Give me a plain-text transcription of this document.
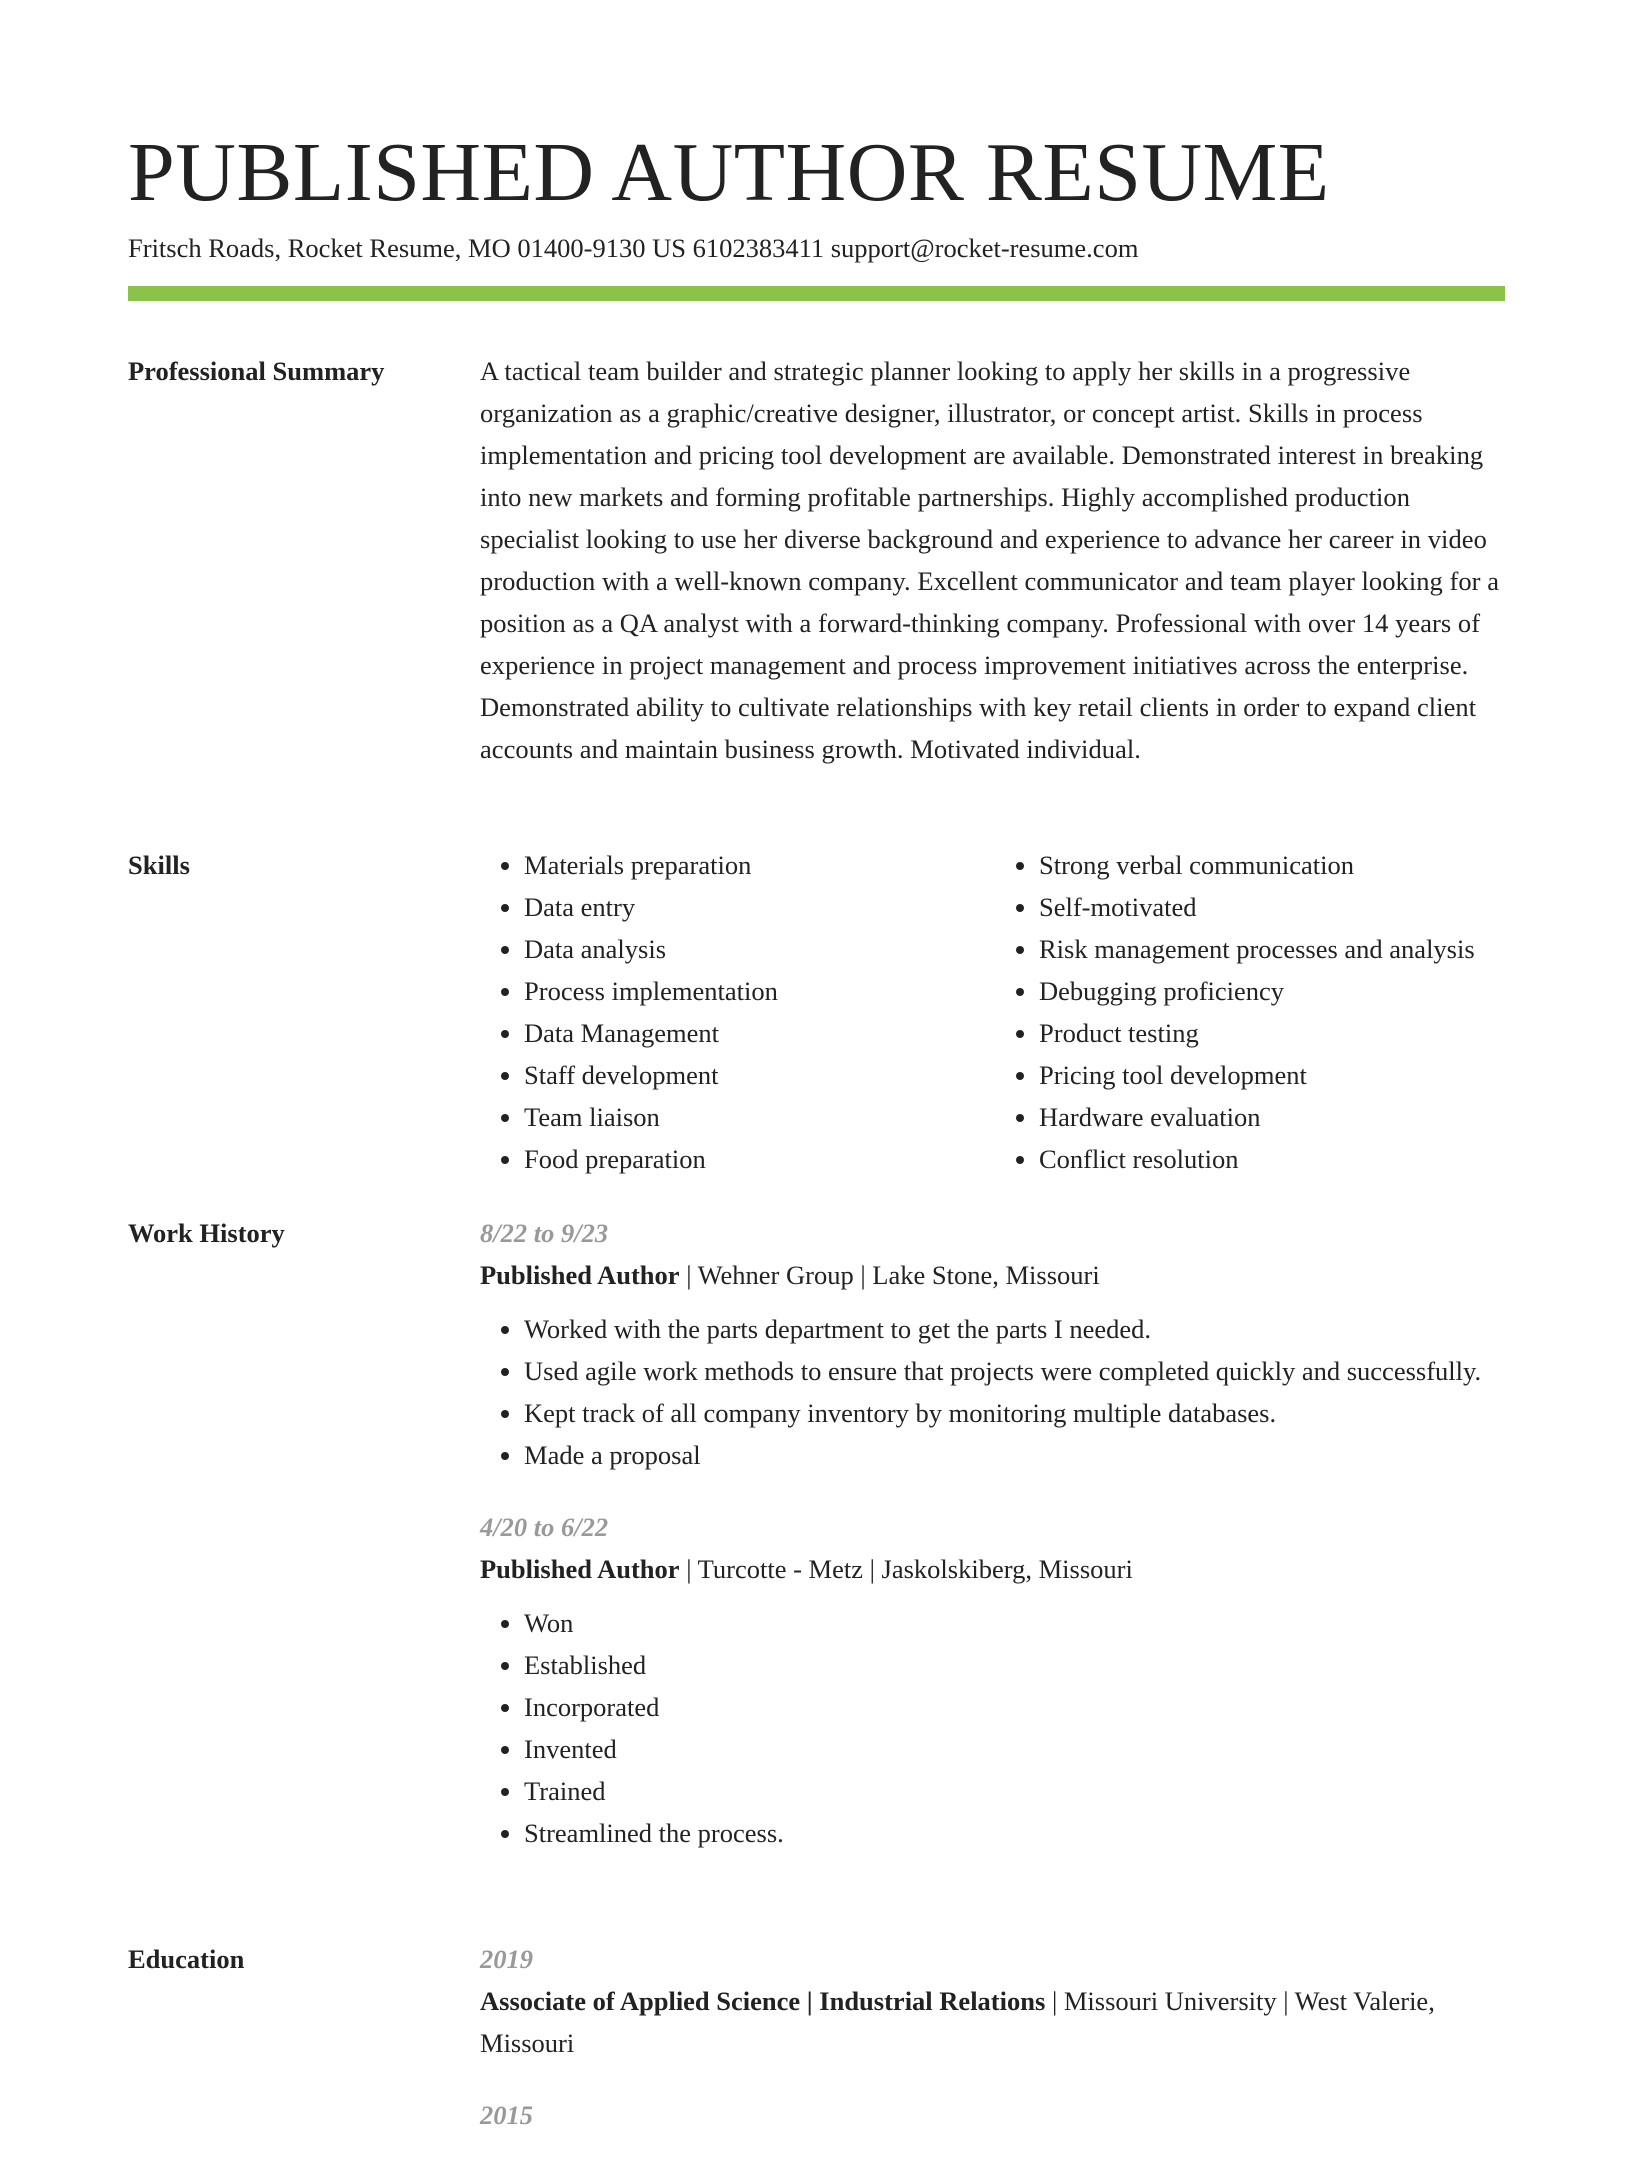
PUBLISHED AUTHOR RESUME
Fritsch Roads, Rocket Resume, MO 01400-9130 US 6102383411 support@rocket-resume.com
Professional Summary	A tactical team builder and strategic planner looking to apply her skills in a progressive organization as a graphic/creative designer, illustrator, or concept artist. Skills in process implementation and pricing tool development are available. Demonstrated interest in breaking into new markets and forming profitable partnerships. Highly accomplished production specialist looking to use her diverse background and experience to advance her career in video production with a well-known company. Excellent communicator and team player looking for a position as a QA analyst with a forward-thinking company. Professional with over 14 years of experience in project management and process improvement initiatives across the enterprise. Demonstrated ability to cultivate relationships with key retail clients in order to expand client accounts and maintain business growth. Motivated individual.

Skills
•	Materials preparation
• Data entry
• Data analysis
• Process implementation
• Data Management
• Staff development
• Team liaison
• Food preparation
• Strong verbal communication
• Self-motivated
• Risk management processes and analysis
• Debugging proficiency
• Product testing
• Pricing tool development
• Hardware evaluation
• Conflict resolution
Work History	8/22 to 9/23
Published Author | Wehner Group | Lake Stone, Missouri
• Worked with the parts department to get the parts I needed.
• Used agile work methods to ensure that projects were completed quickly and successfully.
• Kept track of all company inventory by monitoring multiple databases.
• Made a proposal
4/20 to 6/22
Published Author | Turcotte - Metz | Jaskolskiberg, Missouri
• Won
• Established
• Incorporated
• Invented
• Trained
• Streamlined the process.
Education	2019
Associate of Applied Science | Industrial Relations | Missouri University | West Valerie, Missouri
2015
